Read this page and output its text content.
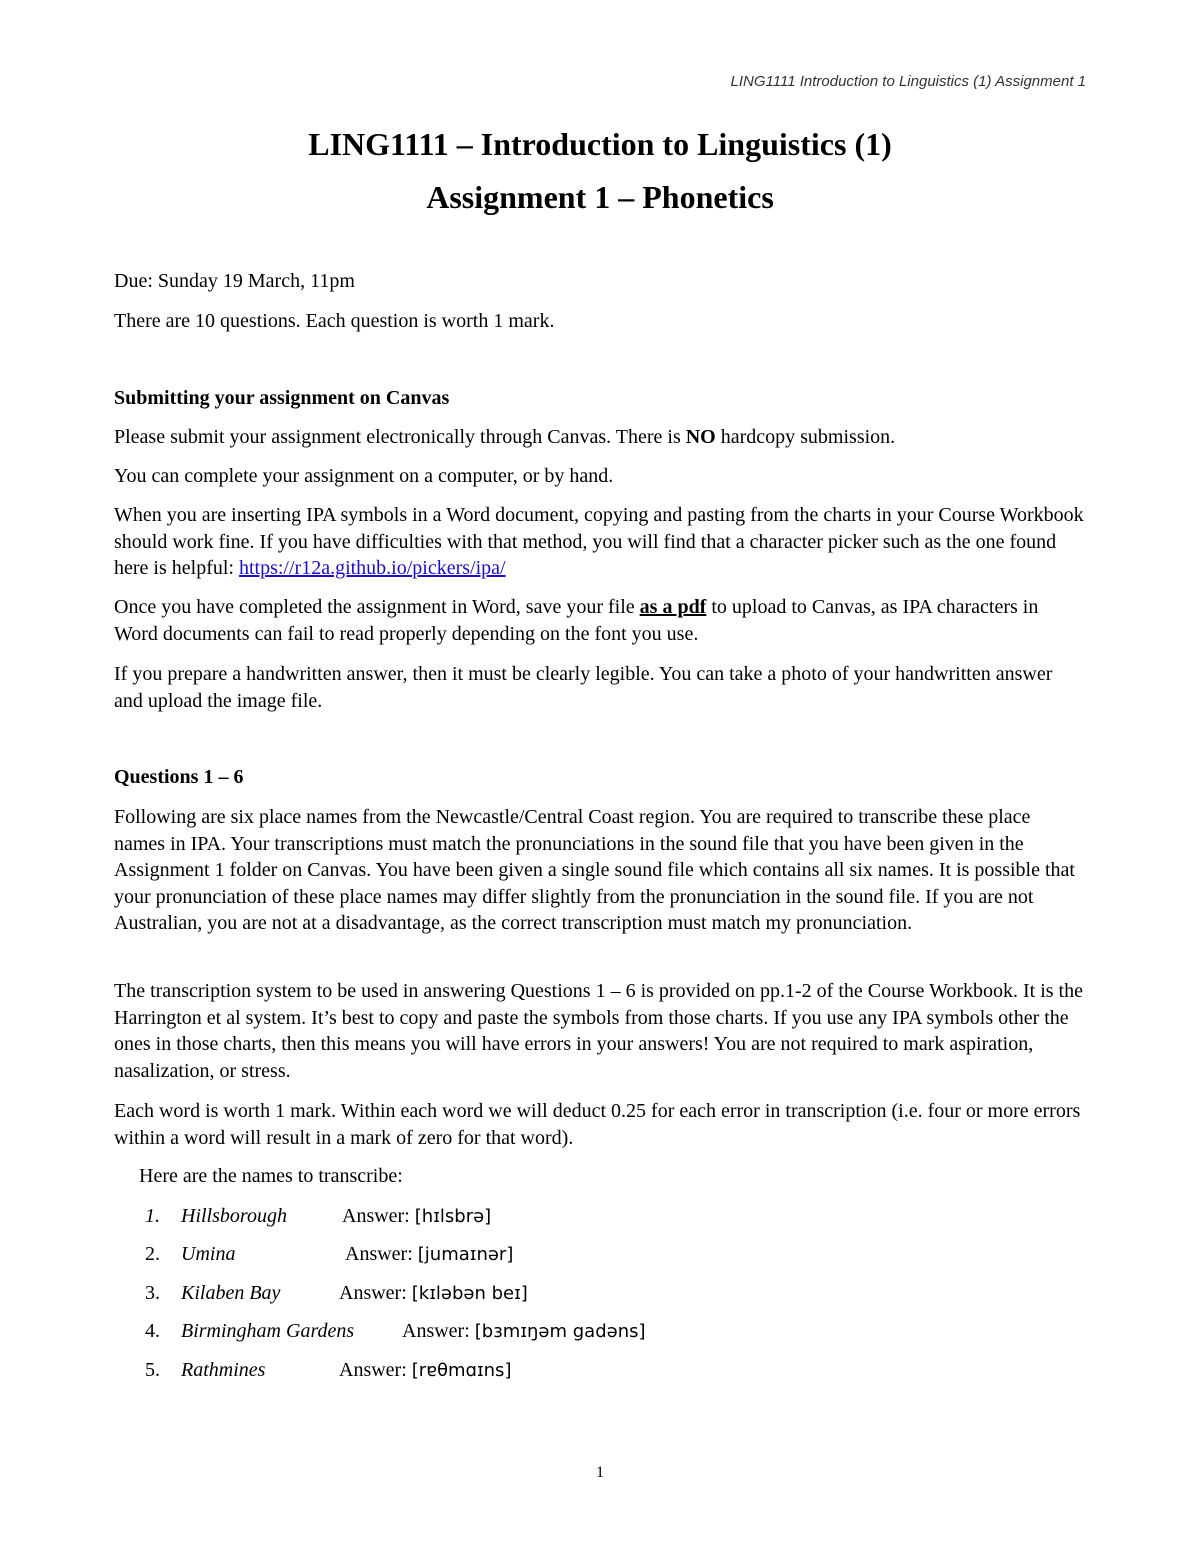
LING1111 Introduction to Linguistics (1) Assignment 1
LING1111 – Introduction to Linguistics (1)
Assignment 1 – Phonetics
Due: Sunday 19 March, 11pm
There are 10 questions. Each question is worth 1 mark.
Submitting your assignment on Canvas
Please submit your assignment electronically through Canvas. There is NO hardcopy submission.
You can complete your assignment on a computer, or by hand.
When you are inserting IPA symbols in a Word document, copying and pasting from the charts in your Course Workbook should work fine. If you have difficulties with that method, you will find that a character picker such as the one found here is helpful: https://r12a.github.io/pickers/ipa/
Once you have completed the assignment in Word, save your file as a pdf to upload to Canvas, as IPA characters in Word documents can fail to read properly depending on the font you use.
If you prepare a handwritten answer, then it must be clearly legible. You can take a photo of your handwritten answer and upload the image file.
Questions 1 – 6
Following are six place names from the Newcastle/Central Coast region. You are required to transcribe these place names in IPA. Your transcriptions must match the pronunciations in the sound file that you have been given in the Assignment 1 folder on Canvas. You have been given a single sound file which contains all six names. It is possible that your pronunciation of these place names may differ slightly from the pronunciation in the sound file. If you are not Australian, you are not at a disadvantage, as the correct transcription must match my pronunciation.
The transcription system to be used in answering Questions 1 – 6 is provided on pp.1-2 of the Course Workbook. It is the Harrington et al system. It’s best to copy and paste the symbols from those charts. If you use any IPA symbols other the ones in those charts, then this means you will have errors in your answers! You are not required to mark aspiration, nasalization, or stress.
Each word is worth 1 mark. Within each word we will deduct 0.25 for each error in transcription (i.e. four or more errors within a word will result in a mark of zero for that word).
Here are the names to transcribe:
1. Hillsborough	Answer: [hɪlsbrə]
2. Umina	Answer: [jumaɪnər]
3. Kilaben Bay	Answer: [kɪləbən beɪ]
4. Birmingham Gardens Answer: [bɜmɪŋəm gadəns]
5. Rathmines	Answer: [rɐθmɑɪns]
1
